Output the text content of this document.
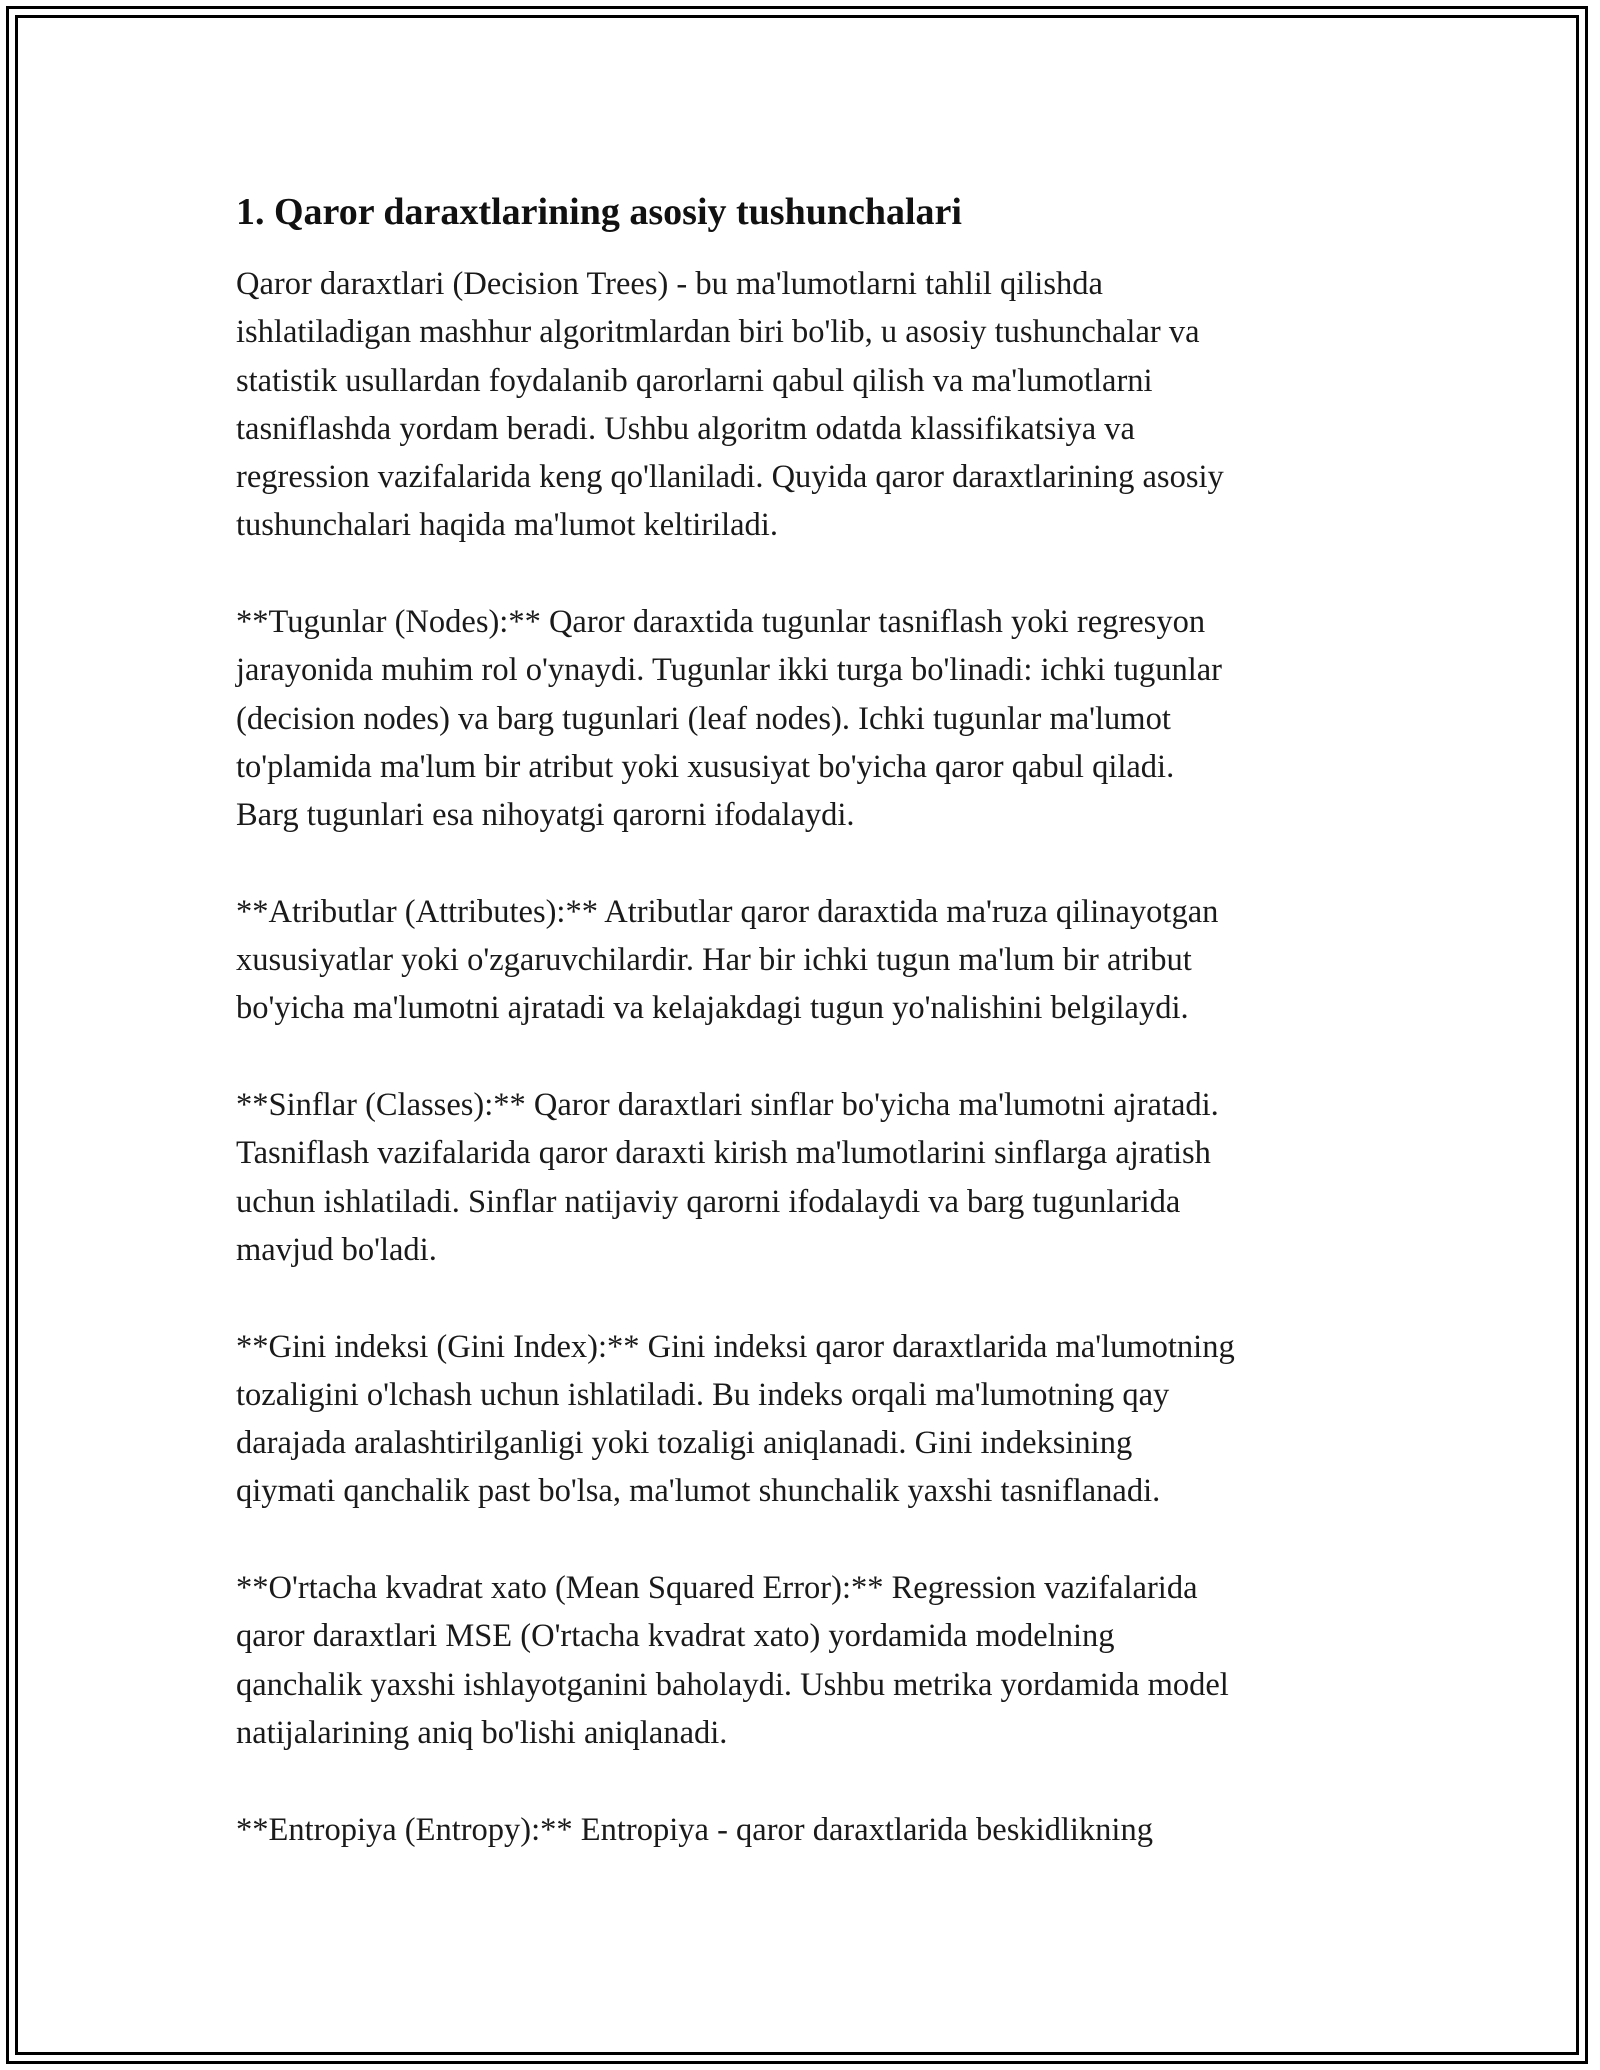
1. Qaror daraxtlarining asosiy tushunchalari

Qaror daraxtlari (Decision Trees) - bu ma'lumotlarni tahlil qilishda
ishlatiladigan mashhur algoritmlardan biri bo'lib, u asosiy tushunchalar va
statistik usullardan foydalanib qarorlarni qabul qilish va ma'lumotlarni
tasniflashda yordam beradi. Ushbu algoritm odatda klassifikatsiya va
regression vazifalarida keng qo'llaniladi. Quyida qaror daraxtlarining asosiy
tushunchalari haqida ma'lumot keltiriladi.

**Tugunlar (Nodes):** Qaror daraxtida tugunlar tasniflash yoki regresyon
jarayonida muhim rol o'ynaydi. Tugunlar ikki turga bo'linadi: ichki tugunlar
(decision nodes) va barg tugunlari (leaf nodes). Ichki tugunlar ma'lumot
to'plamida ma'lum bir atribut yoki xususiyat bo'yicha qaror qabul qiladi.
Barg tugunlari esa nihoyatgi qarorni ifodalaydi.

**Atributlar (Attributes):** Atributlar qaror daraxtida ma'ruza qilinayotgan
xususiyatlar yoki o'zgaruvchilardir. Har bir ichki tugun ma'lum bir atribut
bo'yicha ma'lumotni ajratadi va kelajakdagi tugun yo'nalishini belgilaydi.

**Sinflar (Classes):** Qaror daraxtlari sinflar bo'yicha ma'lumotni ajratadi.
Tasniflash vazifalarida qaror daraxti kirish ma'lumotlarini sinflarga ajratish
uchun ishlatiladi. Sinflar natijaviy qarorni ifodalaydi va barg tugunlarida
mavjud bo'ladi.

**Gini indeksi (Gini Index):** Gini indeksi qaror daraxtlarida ma'lumotning
tozaligini o'lchash uchun ishlatiladi. Bu indeks orqali ma'lumotning qay
darajada aralashtirilganligi yoki tozaligi aniqlanadi. Gini indeksining
qiymati qanchalik past bo'lsa, ma'lumot shunchalik yaxshi tasniflanadi.

**O'rtacha kvadrat xato (Mean Squared Error):** Regression vazifalarida
qaror daraxtlari MSE (O'rtacha kvadrat xato) yordamida modelning
qanchalik yaxshi ishlayotganini baholaydi. Ushbu metrika yordamida model
natijalarining aniq bo'lishi aniqlanadi.

**Entropiya (Entropy):** Entropiya - qaror daraxtlarida beskidlikning
